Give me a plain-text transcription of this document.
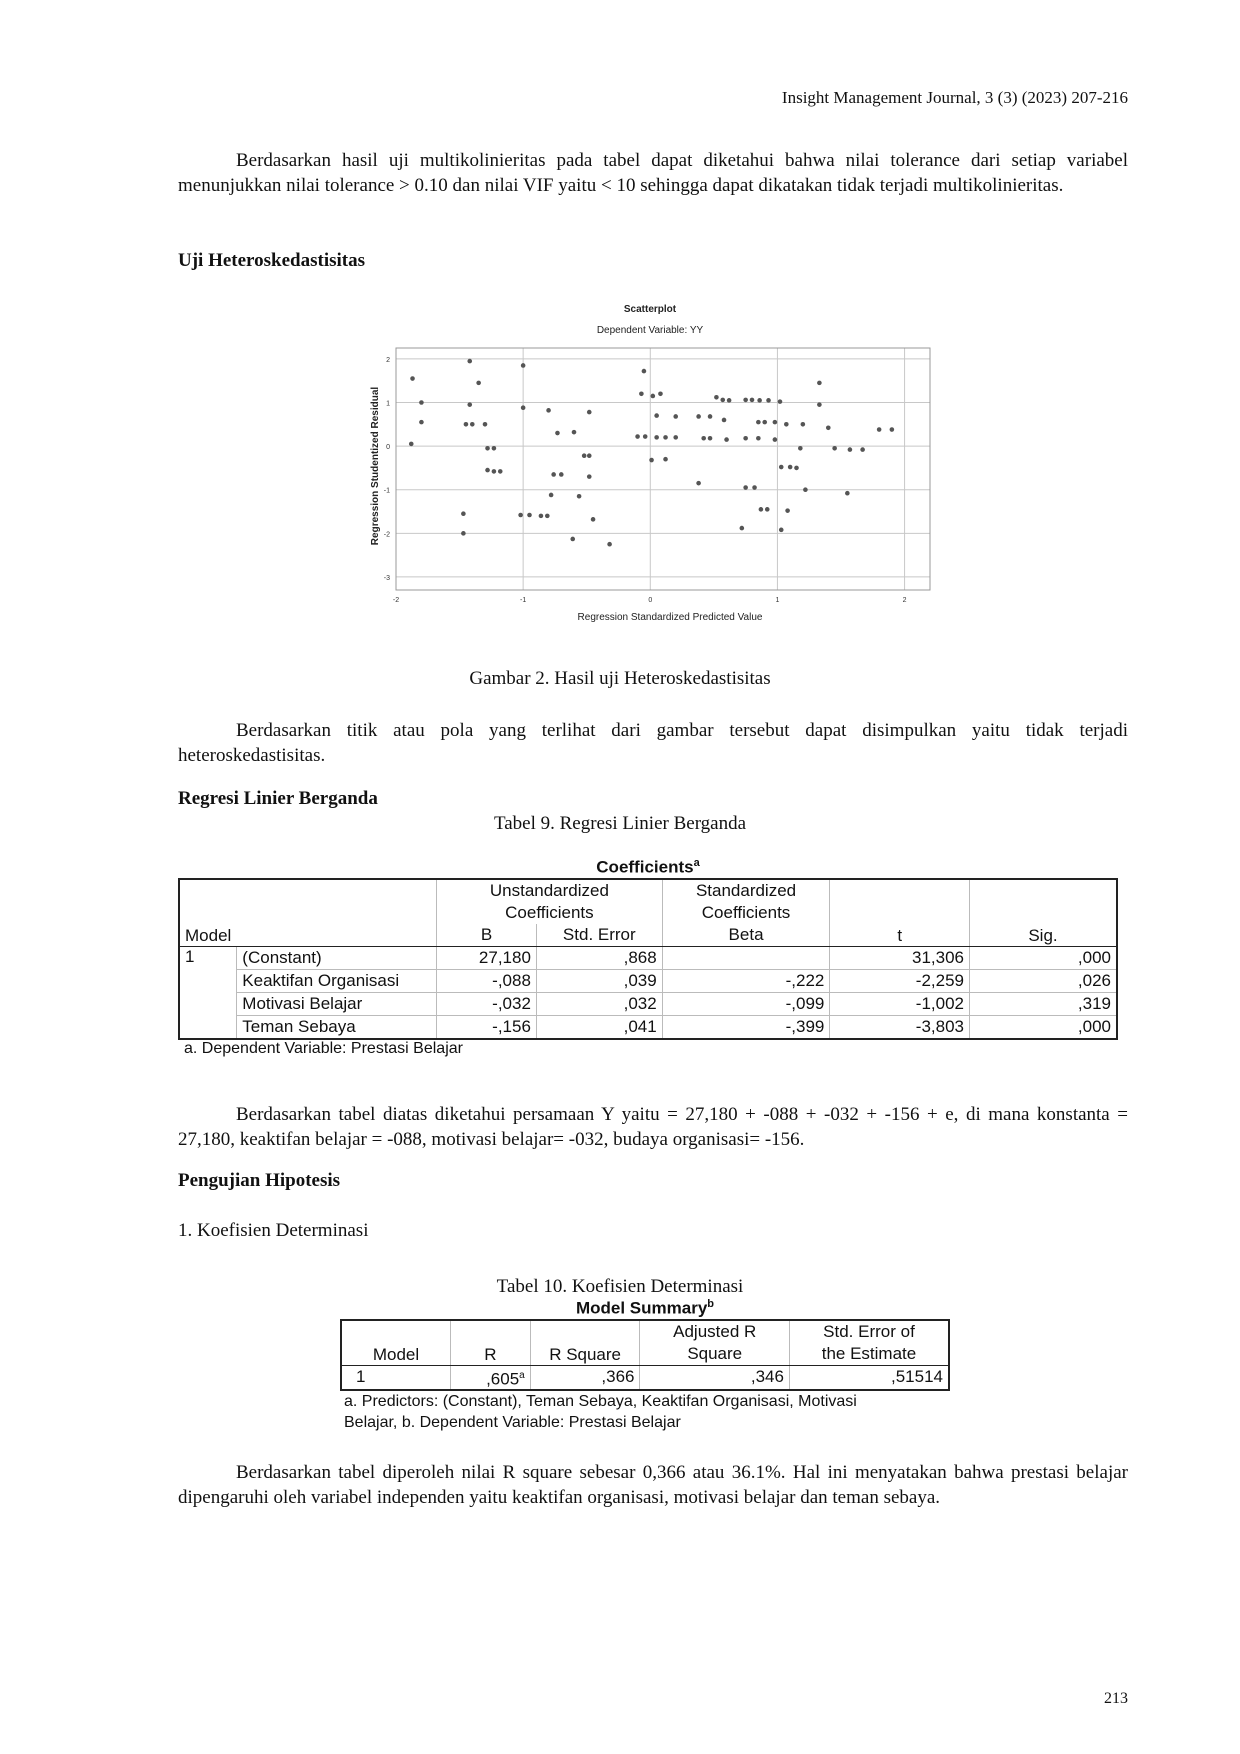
Insight Management Journal, 3 (3) (2023) 207-216

Berdasarkan hasil uji multikolinieritas pada tabel dapat diketahui bahwa nilai tolerance dari setiap variabel menunjukkan nilai tolerance > 0.10 dan nilai VIF yaitu < 10 sehingga dapat dikatakan tidak terjadi multikolinieritas.

Uji Heteroskedastisitas
Scatterplot
Dependent Variable: YY
-2	-1	0	1	2
-3
-2
-1
0
1
2
Regression Standardized Predicted Value
Regression Studentized Residual
Gambar 2. Hasil uji Heteroskedastisitas

Berdasarkan titik atau pola yang terlihat dari gambar tersebut dapat disimpulkan yaitu tidak terjadi heteroskedastisitas.

Regresi Linier Berganda
Tabel 9. Regresi Linier Berganda
Coefficients$^a$
Model		Unstandardized		Standardized	t	Sig.
		Coefficients		Coefficients		
		B	Std. Error	Beta		
1	(Constant)	27,180	,868		31,306	,000
	Keaktifan Organisasi	-,088	,039	-,222	-2,259	,026
	Motivasi Belajar	-,032	,032	-,099	-1,002	,319
	Teman Sebaya	-,156	,041	-,399	-3,803	,000
a. Dependent Variable: Prestasi Belajar

Berdasarkan tabel diatas diketahui persamaan Y yaitu = 27,180 + -088 + -032 + -156 + e, di mana konstanta = 27,180, keaktifan belajar = -088, motivasi belajar= -032, budaya organisasi= -156.

Pengujian Hipotesis
1. Koefisien Determinasi
Tabel 10. Koefisien Determinasi
Model Summary$^b$
Model	R	R Square	Adjusted R	Std. Error of
			Square	the Estimate
1	,605$^a$	,366	,346	,51514
a. Predictors: (Constant), Teman Sebaya, Keaktifan Organisasi, Motivasi
Belajar, b. Dependent Variable: Prestasi Belajar

Berdasarkan tabel diperoleh nilai R square sebesar 0,366 atau 36.1%. Hal ini menyatakan bahwa prestasi belajar dipengaruhi oleh variabel independen yaitu keaktifan organisasi, motivasi belajar dan teman sebaya.

213
